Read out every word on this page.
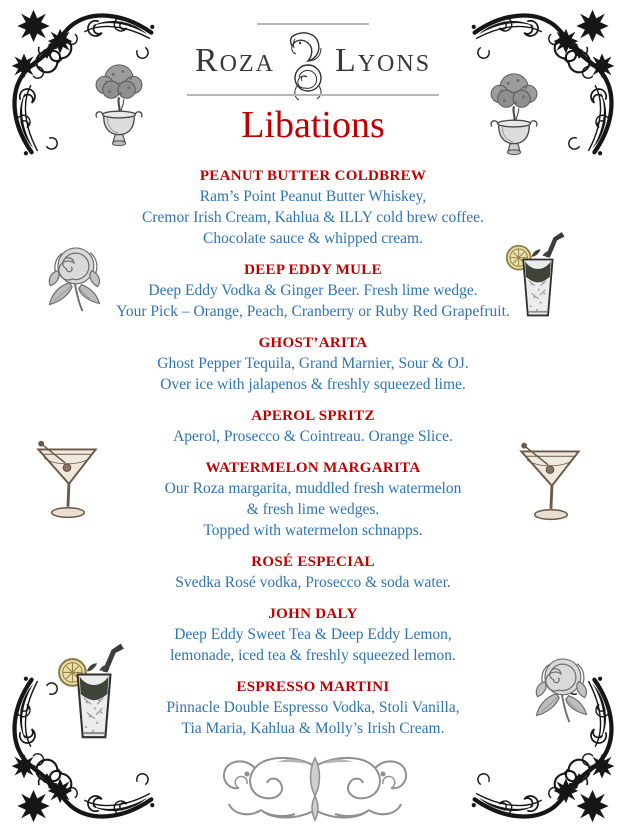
Roza Lyons
Libations
PEANUT BUTTER COLDBREW
Ram’s Point Peanut Butter Whiskey,
Cremor Irish Cream, Kahlua & ILLY cold brew coffee.
Chocolate sauce & whipped cream.
DEEP EDDY MULE
Deep Eddy Vodka & Ginger Beer. Fresh lime wedge.
Your Pick – Orange, Peach, Cranberry or Ruby Red Grapefruit.
GHOST’ARITA
Ghost Pepper Tequila, Grand Marnier, Sour & OJ.
Over ice with jalapenos & freshly squeezed lime.
APEROL SPRITZ
Aperol, Prosecco & Cointreau. Orange Slice.
WATERMELON MARGARITA
Our Roza margarita, muddled fresh watermelon
& fresh lime wedges.
Topped with watermelon schnapps.
ROSÉ ESPECIAL
Svedka Rosé vodka, Prosecco & soda water.
JOHN DALY
Deep Eddy Sweet Tea & Deep Eddy Lemon,
lemonade, iced tea & freshly squeezed lemon.
ESPRESSO MARTINI
Pinnacle Double Espresso Vodka, Stoli Vanilla,
Tia Maria, Kahlua & Molly’s Irish Cream.
